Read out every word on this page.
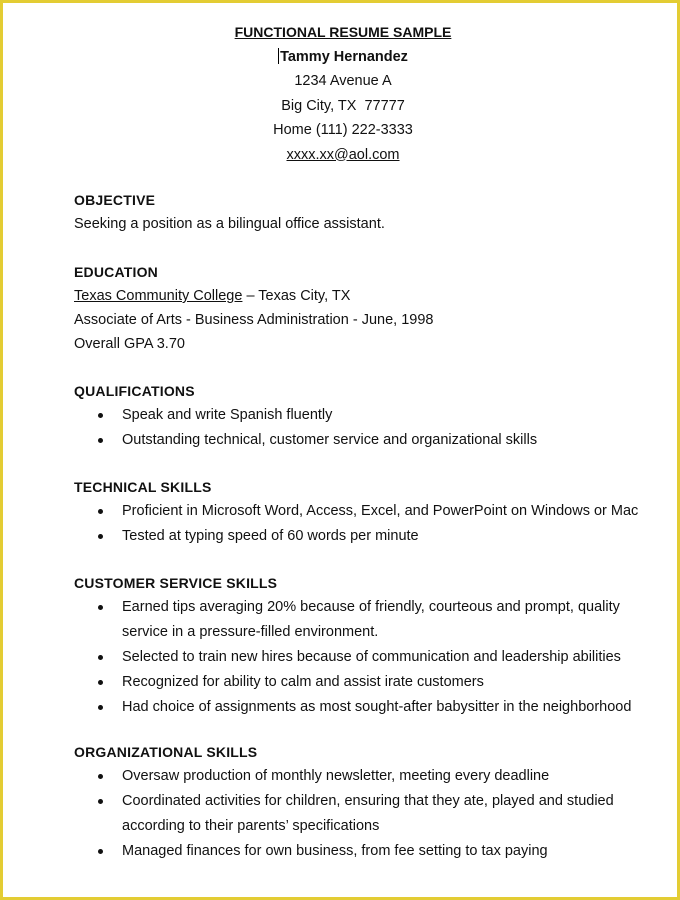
FUNCTIONAL RESUME SAMPLE
Tammy Hernandez
1234 Avenue A
Big City, TX  77777
Home (111) 222-3333
xxxx.xx@aol.com
OBJECTIVE
Seeking a position as a bilingual office assistant.
EDUCATION
Texas Community College – Texas City, TX
Associate of Arts - Business Administration - June, 1998
Overall GPA 3.70
QUALIFICATIONS
Speak and write Spanish fluently
Outstanding technical, customer service and organizational skills
TECHNICAL SKILLS
Proficient in Microsoft Word, Access, Excel, and PowerPoint on Windows or Mac
Tested at typing speed of 60 words per minute
CUSTOMER SERVICE SKILLS
Earned tips averaging 20% because of friendly, courteous and prompt, quality service in a pressure-filled environment.
Selected to train new hires because of communication and leadership abilities
Recognized for ability to calm and assist irate customers
Had choice of assignments as most sought-after babysitter in the neighborhood
ORGANIZATIONAL SKILLS
Oversaw production of monthly newsletter, meeting every deadline
Coordinated activities for children, ensuring that they ate, played and studied according to their parents’ specifications
Managed finances for own business, from fee setting to tax paying
